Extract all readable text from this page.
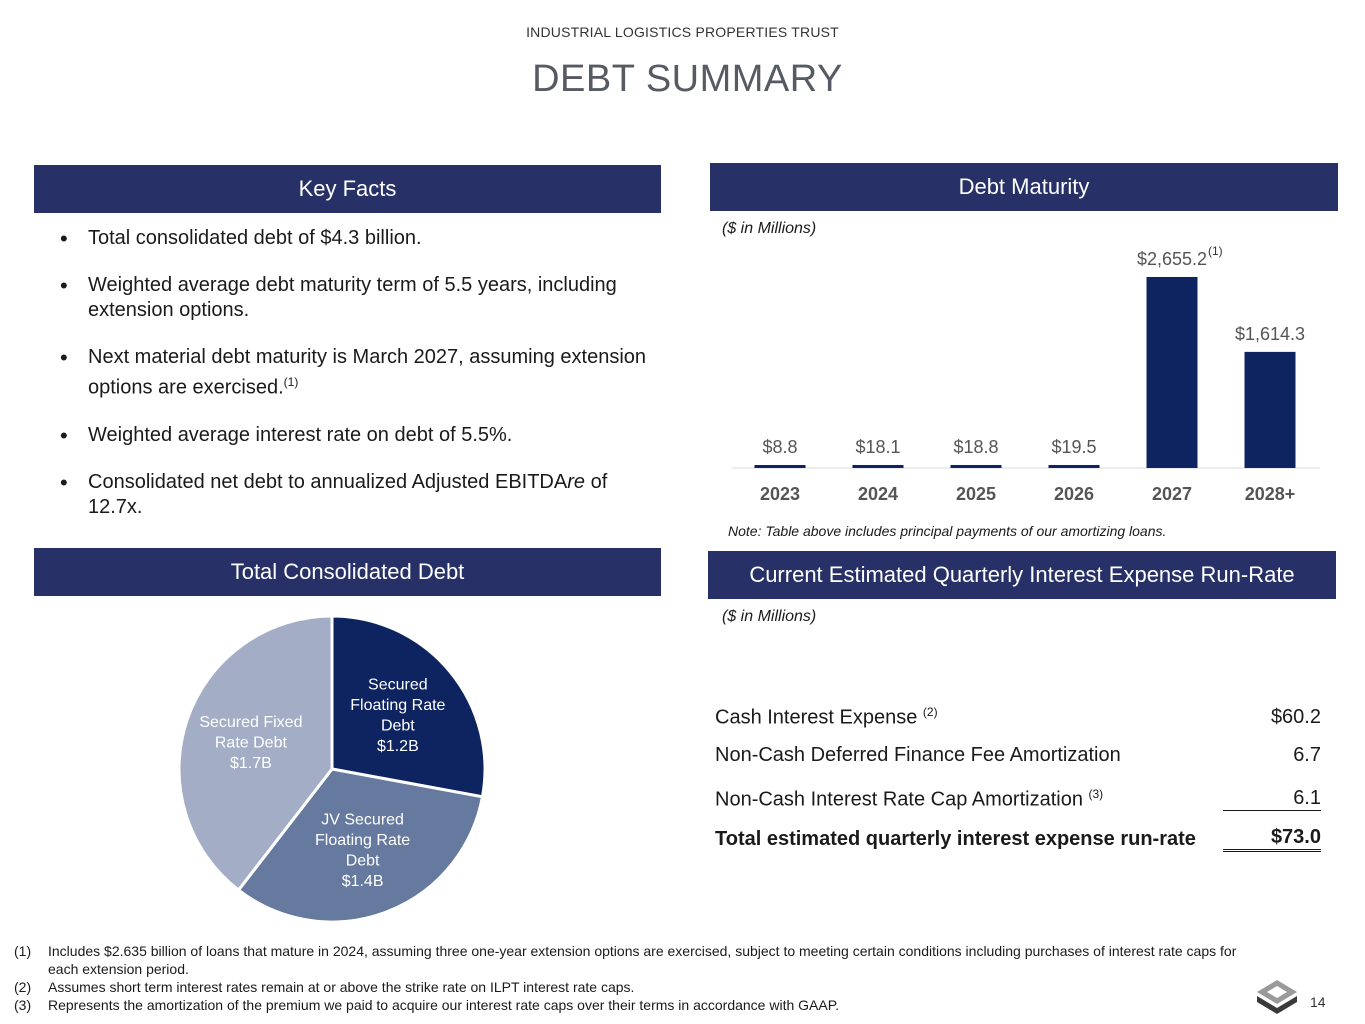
INDUSTRIAL LOGISTICS PROPERTIES TRUST
DEBT SUMMARY
Key Facts
• Total consolidated debt of $4.3 billion.
• Weighted average debt maturity term of 5.5 years, including extension options.
• Next material debt maturity is March 2027, assuming extension options are exercised.$^{(1)}$
• Weighted average interest rate on debt of 5.5%.
• Consolidated net debt to annualized Adjusted EBITDAre of 12.7x.
Debt Maturity
($ in Millions)
$8.8
2023
$18.1
2024
$18.8
2025
$19.5
2026
$2,655.2 (1)
2027
$1,614.3
2028+
Note: Table above includes principal payments of our amortizing loans.
Total Consolidated Debt
Secured Floating Rate Debt $1.2B
JV Secured Floating Rate Debt $1.4B
Secured Fixed Rate Debt $1.7B
Current Estimated Quarterly Interest Expense Run-Rate
($ in Millions)
Cash Interest Expense $^{(2)}$	$60.2
Non-Cash Deferred Finance Fee Amortization	6.7
Non-Cash Interest Rate Cap Amortization $^{(3)}$	6.1
Total estimated quarterly interest expense run-rate	$73.0
(1)	Includes $2.635 billion of loans that mature in 2024, assuming three one-year extension options are exercised, subject to meeting certain conditions including purchases of interest rate caps for each extension period.
(2)	Assumes short term interest rates remain at or above the strike rate on ILPT interest rate caps.
(3)	Represents the amortization of the premium we paid to acquire our interest rate caps over their terms in accordance with GAAP.	14
